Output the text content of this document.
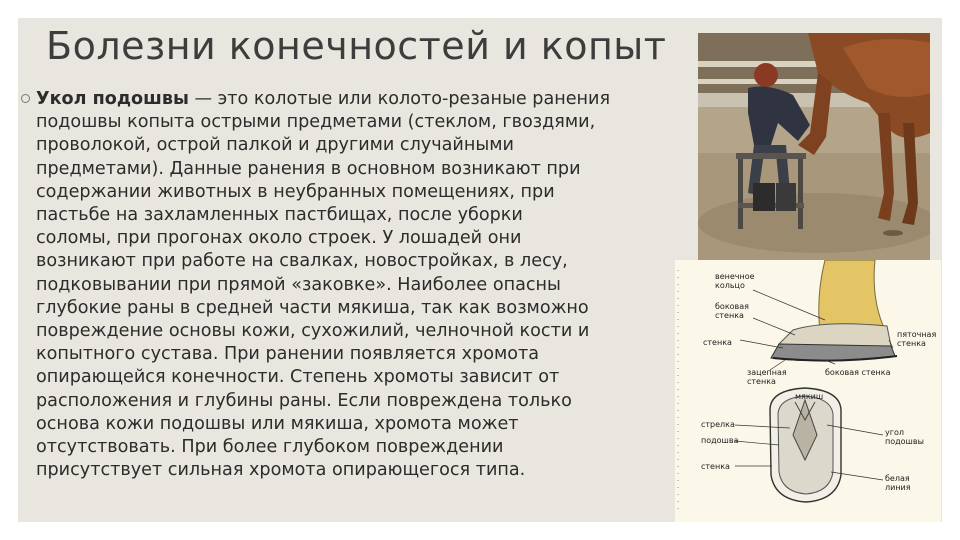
Болезни конечностей и копыт
Укол подошвы — это колотые или колото-резаные ранения
подошвы копыта острыми предметами (стеклом, гвоздями,
проволокой, острой палкой и другими случайными
предметами). Данные ранения в основном возникают при
содержании животных в неубранных помещениях, при
пастьбе на захламленных пастбищах, после уборки
соломы, при прогонах около строек. У лошадей они
возникают при работе на свалках, новостройках, в лесу,
подковывании при прямой «заковке». Наиболее опасны
глубокие раны в средней части мякиша, так как возможно
повреждение основы кожи, сухожилий, челночной кости и
копытного сустава. При ранении появляется хромота
опирающейся конечности. Степень хромоты зависит от
расположения и глубины раны. Если повреждена только
основа кожи подошвы или мякиша, хромота может
отсутствовать. При более глубоком повреждении
присутствует сильная хромота опирающегося типа.
венечное кольцо
боковая стенка
стенка
пяточная стенка
зацепная стенка
боковая стенка
мякиш
стрелка
подошва
стенка
угол подошвы
белая линия
